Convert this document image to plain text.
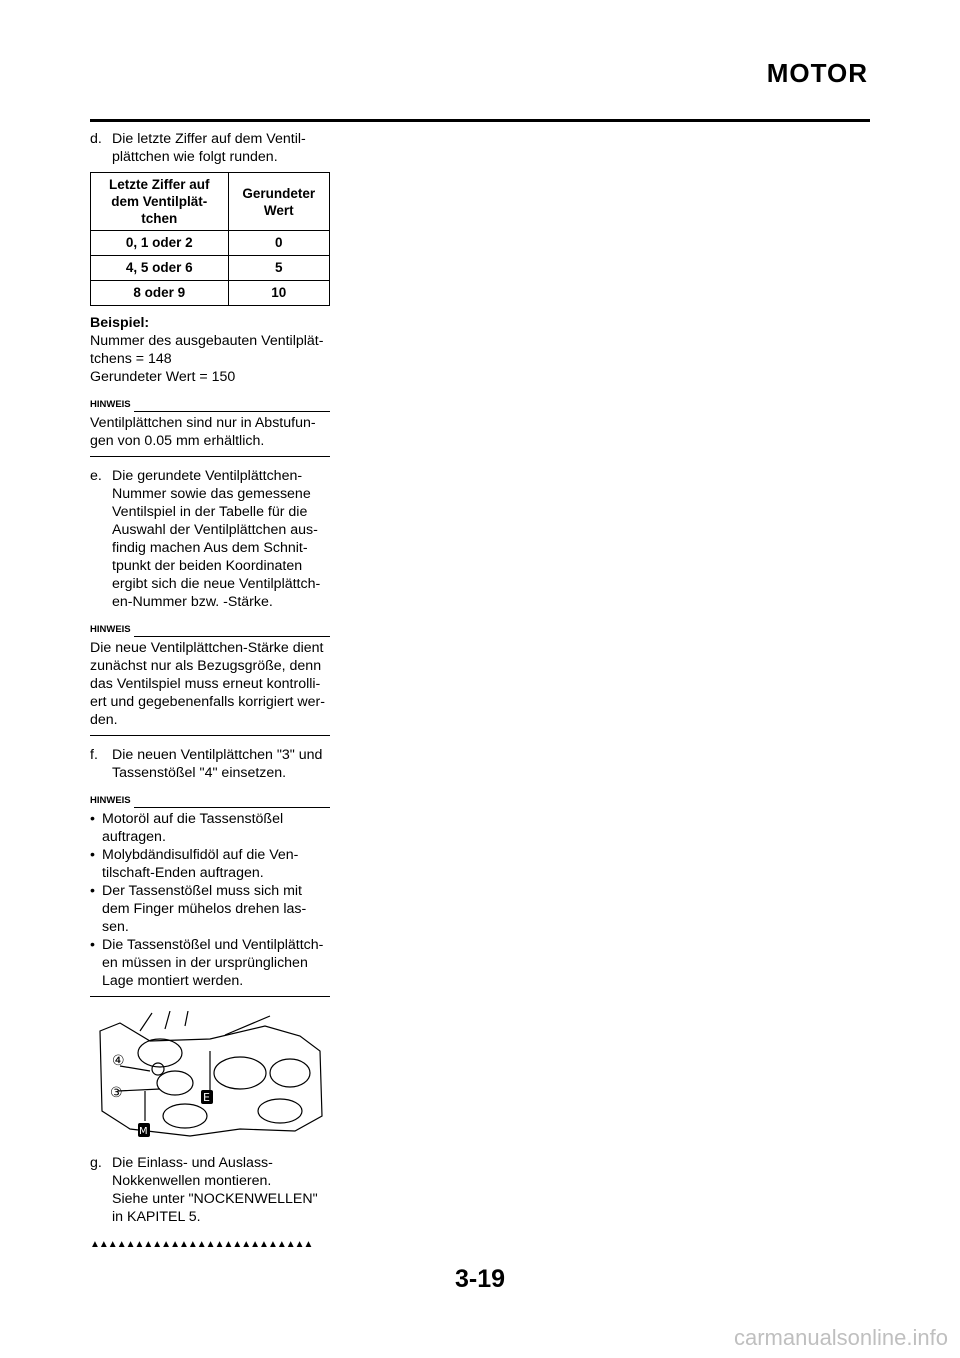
MOTOR
d. Die letzte Ziffer auf dem Ventil-
plättchen wie folgt runden.
Letzte Ziffer auf
dem Ventilplät-
tchen	Gerundeter
Wert
0, 1 oder 2	0
4, 5 oder 6	5
8 oder 9	10
Beispiel:
Nummer des ausgebauten Ventilplät-
tchens = 148
Gerundeter Wert = 150
HINWEIS
Ventilplättchen sind nur in Abstufun-
gen von 0.05 mm erhältlich.
e. Die gerundete Ventilplättchen-
Nummer sowie das gemessene
Ventilspiel in der Tabelle für die
Auswahl der Ventilplättchen aus-
findig machen Aus dem Schnit-
tpunkt der beiden Koordinaten
ergibt sich die neue Ventilplättch-
en-Nummer bzw. -Stärke.
HINWEIS
Die neue Ventilplättchen-Stärke dient
zunächst nur als Bezugsgröße, denn
das Ventilspiel muss erneut kontrolli-
ert und gegebenenfalls korrigiert wer-
den.
f. Die neuen Ventilplättchen "3" und
Tassenstößel "4" einsetzen.
HINWEIS
• Motoröl auf die Tassenstößel
auftragen.
• Molybdändisulfidöl auf die Ven-
tilschaft-Enden auftragen.
• Der Tassenstößel muss sich mit
dem Finger mühelos drehen las-
sen.
• Die Tassenstößel und Ventilplättch-
en müssen in der ursprünglichen
Lage montiert werden.
④
③	E
M
g. Die Einlass- und Auslass-
Nokkenwellen montieren.
Siehe unter "NOCKENWELLEN"
in KAPITEL 5.
▲▲▲▲▲▲▲▲▲▲▲▲▲▲▲▲▲▲▲▲▲▲▲▲▲
3-19
carmanualsonline.info
